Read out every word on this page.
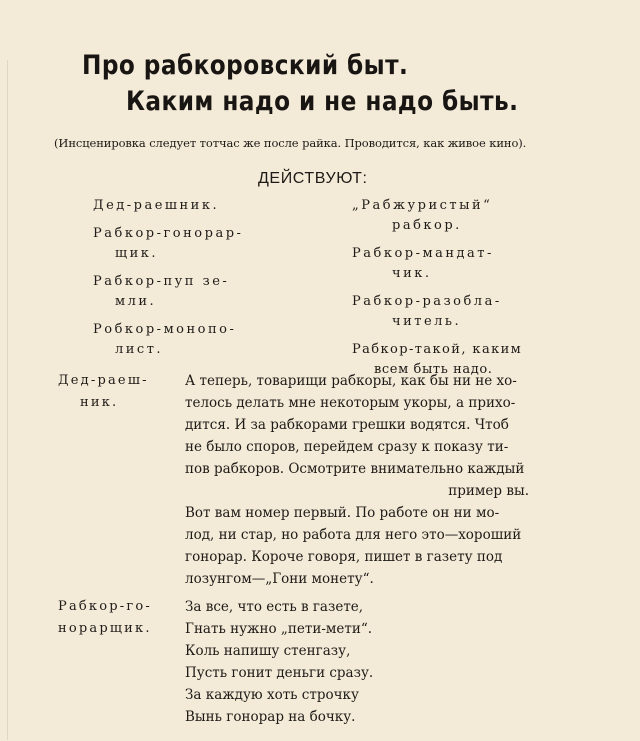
Про рабкоровский быт.
Каким надо и не надо быть.
(Инсценировка следует тотчас же после райка. Проводится, как живое кино).
ДЕЙСТВУЮТ:
Дед-раешник.
Рабкор-гонорар-
щик.
Рабкор-пуп зе-
мли.
Робкор-монопо-
лист.
„Рабжуристый“
рабкор.
Рабкор-мандат-
чик.
Рабкор-разобла-
читель.
Рабкор-такой, каким
всем быть надо.
Дед-раеш-
ник.
А теперь, товарищи рабкоры, как бы ни не хо-
телось делать мне некоторым укоры, а прихо-
дится. И за рабкорами грешки водятся. Чтоб
не было споров, перейдем сразу к показу ти-
пов рабкоров. Осмотрите внимательно каждый
пример вы.
Вот вам номер первый. По работе он ни мо-
лод, ни стар, но работа для него это—хороший
гонорар. Короче говоря, пишет в газету под
лозунгом—„Гони монету“.
Рабкор-го-
норарщик.
За все, что есть в газете,
Гнать нужно „пети-мети“.
Коль напишу стенгазу,
Пусть гонит деньги сразу.
За каждую хоть строчку
Вынь гонорар на бочку.
